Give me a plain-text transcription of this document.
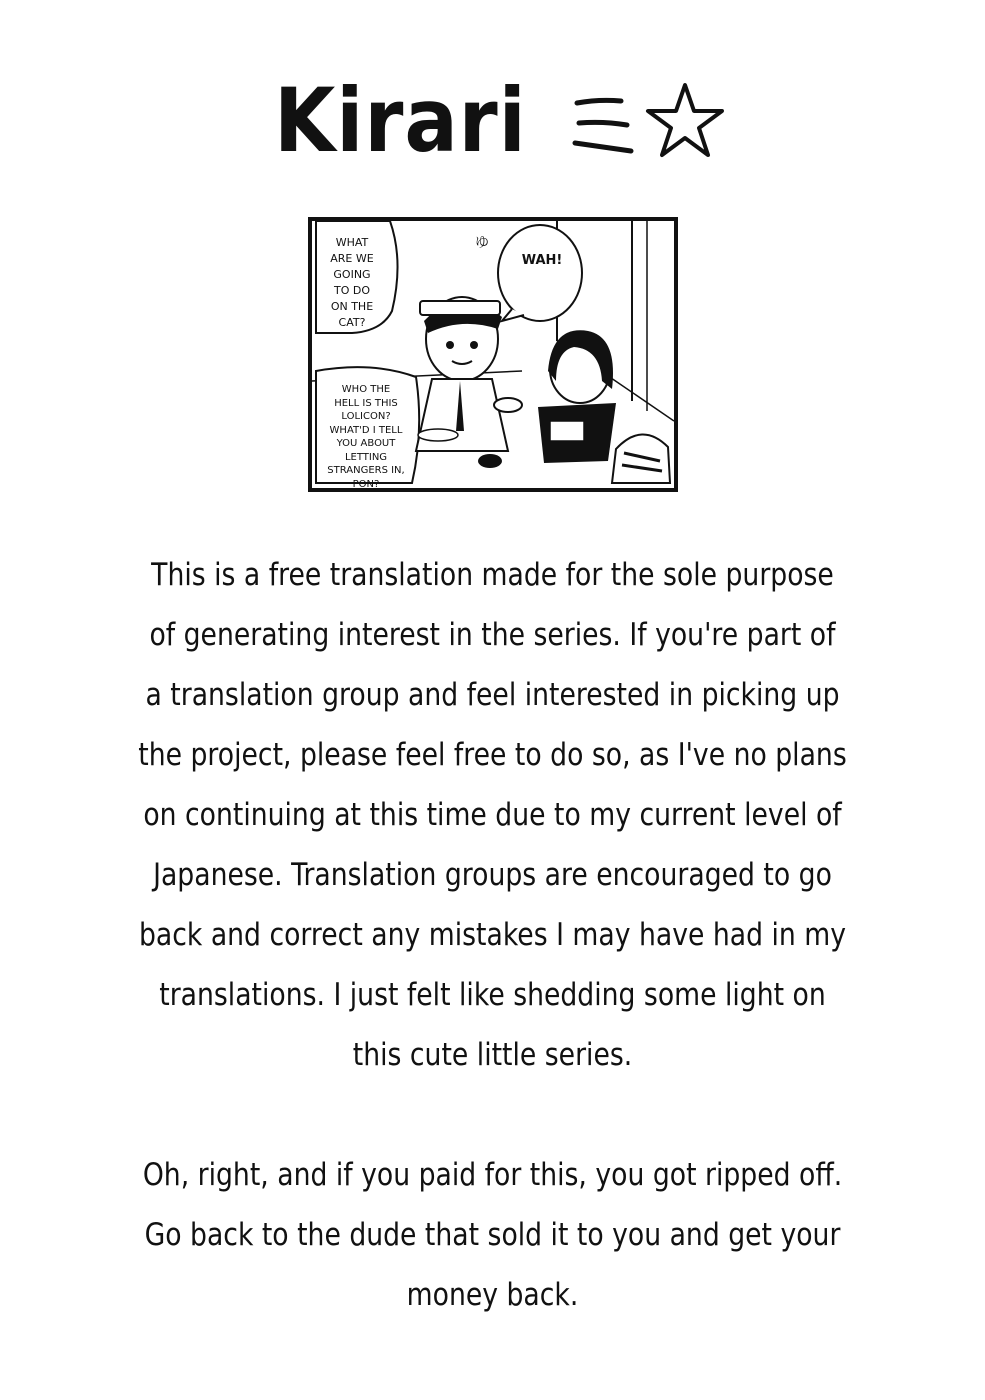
Kirari
WHAT
ARE WE
GOING
TO DO
ON THE
CAT?
WAH!
WHO THE
HELL IS THIS
LOLICON?
WHAT'D I TELL
YOU ABOUT
LETTING
STRANGERS IN,
PON?
ゆ

This is a free translation made for the sole purpose of generating interest in the series. If you're part of a translation group and feel interested in picking up the project, please feel free to do so, as I've no plans on continuing at this time due to my current level of Japanese. Translation groups are encouraged to go back and correct any mistakes I may have had in my translations. I just felt like shedding some light on this cute little series.

Oh, right, and if you paid for this, you got ripped off. Go back to the dude that sold it to you and get your money back.
